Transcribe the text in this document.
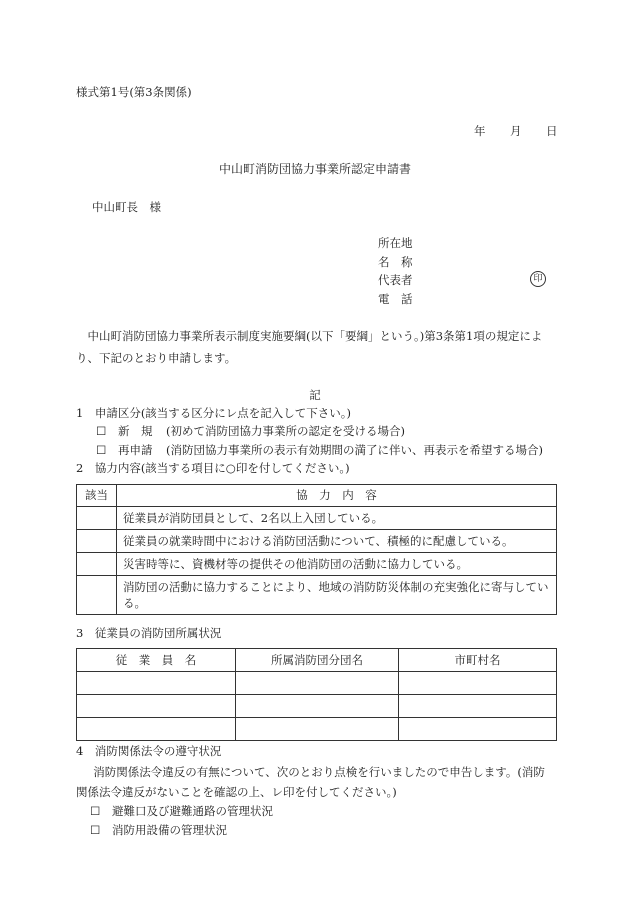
様式第1号(第3条関係)
年 月 日
中山町消防団協力事業所認定申請書
中山町長　様
所在地
名　称
代表者	印
電　話
中山町消防団協力事業所表示制度実施要綱(以下「要綱」という。)第3条第1項の規定により、下記のとおり申請します。
記
1　申請区分(該当する区分にレ点を記入して下さい。)
☐ 新　規 (初めて消防団協力事業所の認定を受ける場合)
☐ 再申請 (消防団協力事業所の表示有効期間の満了に伴い、再表示を希望する場合)
2　協力内容(該当する項目に○印を付してください。)
該当	協　力　内　容
	従業員が消防団員として、2名以上入団している。
	従業員の就業時間中における消防団活動について、積極的に配慮している。
	災害時等に、資機材等の提供その他消防団の活動に協力している。
	消防団の活動に協力することにより、地域の消防防災体制の充実強化に寄与している。
3　従業員の消防団所属状況
従　業　員　名	所属消防団分団名	市町村名

4　消防関係法令の遵守状況
消防関係法令違反の有無について、次のとおり点検を行いましたので申告します。(消防関係法令違反がないことを確認の上、レ印を付してください。)
☐ 避難口及び避難通路の管理状況
☐ 消防用設備の管理状況
